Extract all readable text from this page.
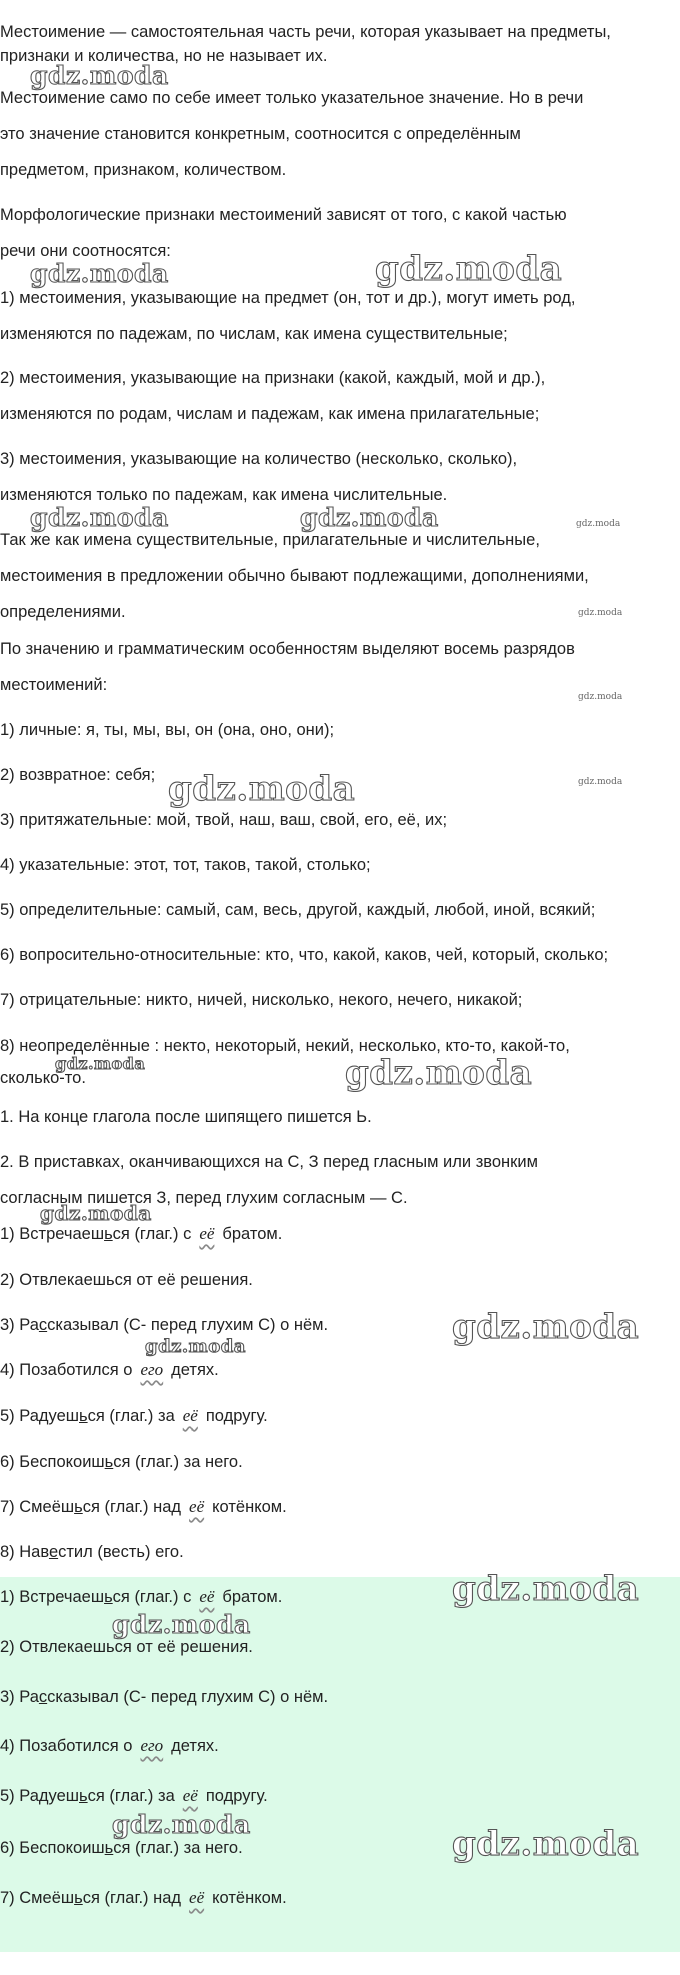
Местоимение — самостоятельная часть речи, которая указывает на предметы,
признаки и количества, но не называет их.
Местоимение само по себе имеет только указательное значение. Но в речи
это значение становится конкретным, соотносится с определённым
предметом, признаком, количеством.
Морфологические признаки местоимений зависят от того, с какой частью
речи они соотносятся:
1) местоимения, указывающие на предмет (он, тот и др.), могут иметь род,
изменяются по падежам, по числам, как имена существительные;
2) местоимения, указывающие на признаки (какой, каждый, мой и др.),
изменяются по родам, числам и падежам, как имена прилагательные;
3) местоимения, указывающие на количество (несколько, сколько),
изменяются только по падежам, как имена числительные.
Так же как имена существительные, прилагательные и числительные,
местоимения в предложении обычно бывают подлежащими, дополнениями,
определениями.
По значению и грамматическим особенностям выделяют восемь разрядов
местоимений:
1) личные: я, ты, мы, вы, он (она, оно, они);
2) возвратное: себя;
3) притяжательные: мой, твой, наш, ваш, свой, его, её, их;
4) указательные: этот, тот, таков, такой, столько;
5) определительные: самый, сам, весь, другой, каждый, любой, иной, всякий;
6) вопросительно-относительные: кто, что, какой, каков, чей, который, сколько;
7) отрицательные: никто, ничей, нисколько, некого, нечего, никакой;
8) неопределённые : некто, некоторый, некий, несколько, кто-то, какой-то,
сколько-то.
1. На конце глагола после шипящего пишется Ь.
2. В приставках, оканчивающихся на С, З перед гласным или звонким
согласным пишется З, перед глухим согласным — С.
1) Встречаешься (глаг.) с её братом.
2) Отвлекаешься от её решения.
3) Рассказывал (С- перед глухим С) о нём.
4) Позаботился о его детях.
5) Радуешься (глаг.) за её подругу.
6) Беспокоишься (глаг.) за него.
7) Смеёшься (глаг.) над её котёнком.
8) Навестил (весть) его.
1) Встречаешься (глаг.) с её братом.
2) Отвлекаешься от её решения.
3) Рассказывал (С- перед глухим С) о нём.
4) Позаботился о его детях.
5) Радуешься (глаг.) за её подругу.
6) Беспокоишься (глаг.) за него.
7) Смеёшься (глаг.) над её котёнком.
gdz.moda
gdz.moda	gdz.moda
gdz.moda	gdz.moda	gdz.moda
gdz.moda
gdz.moda
gdz.moda
gdz.moda
gdz.moda	gdz.moda
gdz.moda
gdz.moda
gdz.moda
gdz.moda
gdz.moda
gdz.moda	gdz.moda
